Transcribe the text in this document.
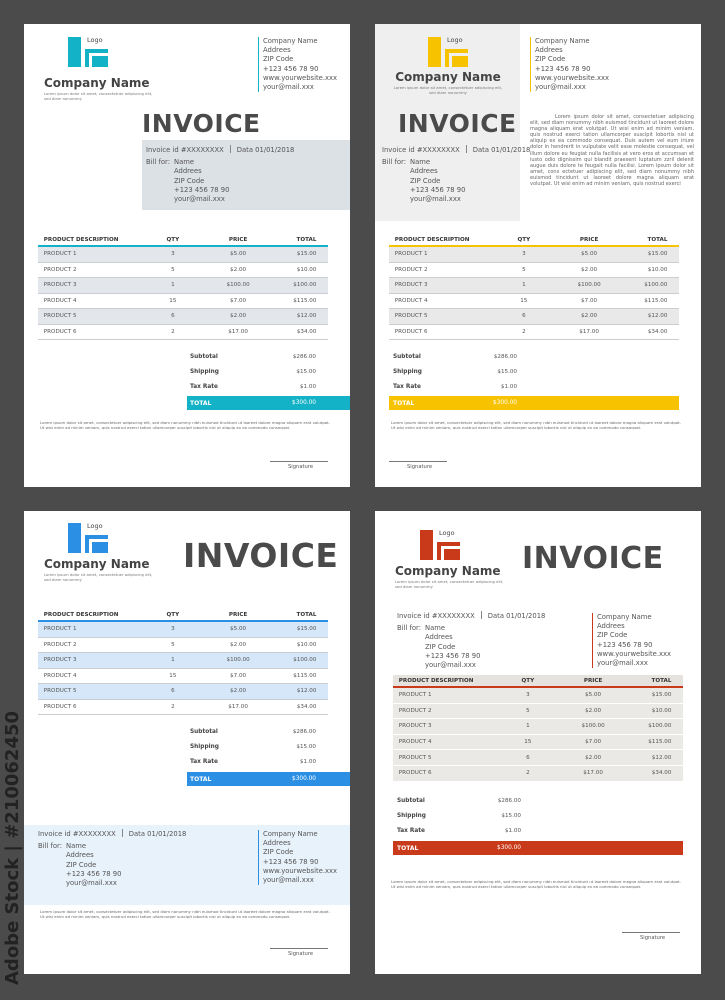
Adobe Stock | #210062450
Logo
Company Name
Lorem ipsum dolor sit amet, consectetuer adipiscing elit, sed diam nonummy
Company Name
Addrees
ZIP Code
+123 456 78 90
www.yourwebsite.xxx
your@mail.xxx
INVOICE
Invoice id #XXXXXXXX Data 01/01/2018
Bill for: Name
Addrees
ZIP Code
+123 456 78 90
your@mail.xxx
PRODUCT DESCRIPTION	QTY	PRICE	TOTAL
PRODUCT 1	3	$5.00	$15.00
PRODUCT 2	5	$2.00	$10.00
PRODUCT 3	1	$100.00	$100.00
PRODUCT 4	15	$7.00	$115.00
PRODUCT 5	6	$2.00	$12.00
PRODUCT 6	2	$17.00	$34.00
Subtotal	$286.00
Shipping	$15.00
Tax Rate	$1.00
TOTAL	$300.00
Lorem ipsum dolor sit amet, consectetuer adipiscing elit, sed diam nonummy nibh euismod tincidunt ut laoreet dolore magna aliquam erat volutpat. Ut wisi enim ad minim veniam, quis nostrud exerci tation ullamcorper suscipit lobortis nisl ut aliquip ex ea commodo consequat.
Signature
Logo
Company Name
Lorem ipsum dolor sit amet, consectetuer adipiscing elit, sed diam nonummy
Company Name
Addrees
ZIP Code
+123 456 78 90
www.yourwebsite.xxx
your@mail.xxx
INVOICE
Invoice id #XXXXXXXX Data 01/01/2018
Bill for: Name
Addrees
ZIP Code
+123 456 78 90
your@mail.xxx
Lorem ipsum dolor sit amet, consectetuer adipiscing elit, sed diam nonummy nibh euismod tincidunt ut laoreet dolore magna aliquam erat volutpat. Ut wisi enim ad minim veniam, quis nostrud exerci tation ullamcorper suscipit lobortis nisl ut aliquip ex ea commodo consequat. Duis autem vel eum iriure dolor in hendrerit in vulputate velit esse molestie consequat, vel illum dolore eu feugiat nulla facilisis at vero eros et accumsan et iusto odio dignissim qui blandit praesent luptatum zzril delenit augue duis dolore te feugait nulla facilisi. Lorem ipsum dolor sit amet, cons ectetuer adipiscing elit, sed diam nonummy nibh euismod tincidunt ut laoreet dolore magna aliquam erat volutpat. Ut wisi enim ad minim veniam, quis nostrud exerci
PRODUCT DESCRIPTION	QTY	PRICE	TOTAL
PRODUCT 1	3	$5.00	$15.00
PRODUCT 2	5	$2.00	$10.00
PRODUCT 3	1	$100.00	$100.00
PRODUCT 4	15	$7.00	$115.00
PRODUCT 5	6	$2.00	$12.00
PRODUCT 6	2	$17.00	$34.00
Subtotal	$286.00
Shipping	$15.00
Tax Rate	$1.00
TOTAL	$300.00
Lorem ipsum dolor sit amet, consectetuer adipiscing elit, sed diam nonummy nibh euismod tincidunt ut laoreet dolore magna aliquam erat volutpat. Ut wisi enim ad minim veniam, quis nostrud exerci tation ullamcorper suscipit lobortis nisl ut aliquip ex ea commodo consequat.
Signature
Logo
Company Name
Lorem ipsum dolor sit amet, consectetuer adipiscing elit, sed diam nonummy
INVOICE
PRODUCT DESCRIPTION	QTY	PRICE	TOTAL
PRODUCT 1	3	$5.00	$15.00
PRODUCT 2	5	$2.00	$10.00
PRODUCT 3	1	$100.00	$100.00
PRODUCT 4	15	$7.00	$115.00
PRODUCT 5	6	$2.00	$12.00
PRODUCT 6	2	$17.00	$34.00
Subtotal	$286.00
Shipping	$15.00
Tax Rate	$1.00
TOTAL	$300.00
Invoice id #XXXXXXXX Data 01/01/2018
Bill for: Name
Addrees
ZIP Code
+123 456 78 90
your@mail.xxx
Company Name
Addrees
ZIP Code
+123 456 78 90
www.yourwebsite.xxx
your@mail.xxx
Lorem ipsum dolor sit amet, consectetuer adipiscing elit, sed diam nonummy nibh euismod tincidunt ut laoreet dolore magna aliquam erat volutpat. Ut wisi enim ad minim veniam, quis nostrud exerci tation ullamcorper suscipit lobortis nisl ut aliquip ex ea commodo consequat.
Signature
Logo
Company Name
Lorem ipsum dolor sit amet, consectetuer adipiscing elit, sed diam nonummy
INVOICE
Invoice id #XXXXXXXX Data 01/01/2018
Bill for: Name
Addrees
ZIP Code
+123 456 78 90
your@mail.xxx
Company Name
Addrees
ZIP Code
+123 456 78 90
www.yourwebsite.xxx
your@mail.xxx
PRODUCT DESCRIPTION	QTY	PRICE	TOTAL
PRODUCT 1	3	$5.00	$15.00
PRODUCT 2	5	$2.00	$10.00
PRODUCT 3	1	$100.00	$100.00
PRODUCT 4	15	$7.00	$115.00
PRODUCT 5	6	$2.00	$12.00
PRODUCT 6	2	$17.00	$34.00
Subtotal	$286.00
Shipping	$15.00
Tax Rate	$1.00
TOTAL	$300.00
Lorem ipsum dolor sit amet, consectetuer adipiscing elit, sed diam nonummy nibh euismod tincidunt ut laoreet dolore magna aliquam erat volutpat. Ut wisi enim ad minim veniam, quis nostrud exerci tation ullamcorper suscipit lobortis nisl ut aliquip ex ea commodo consequat.
Signature
